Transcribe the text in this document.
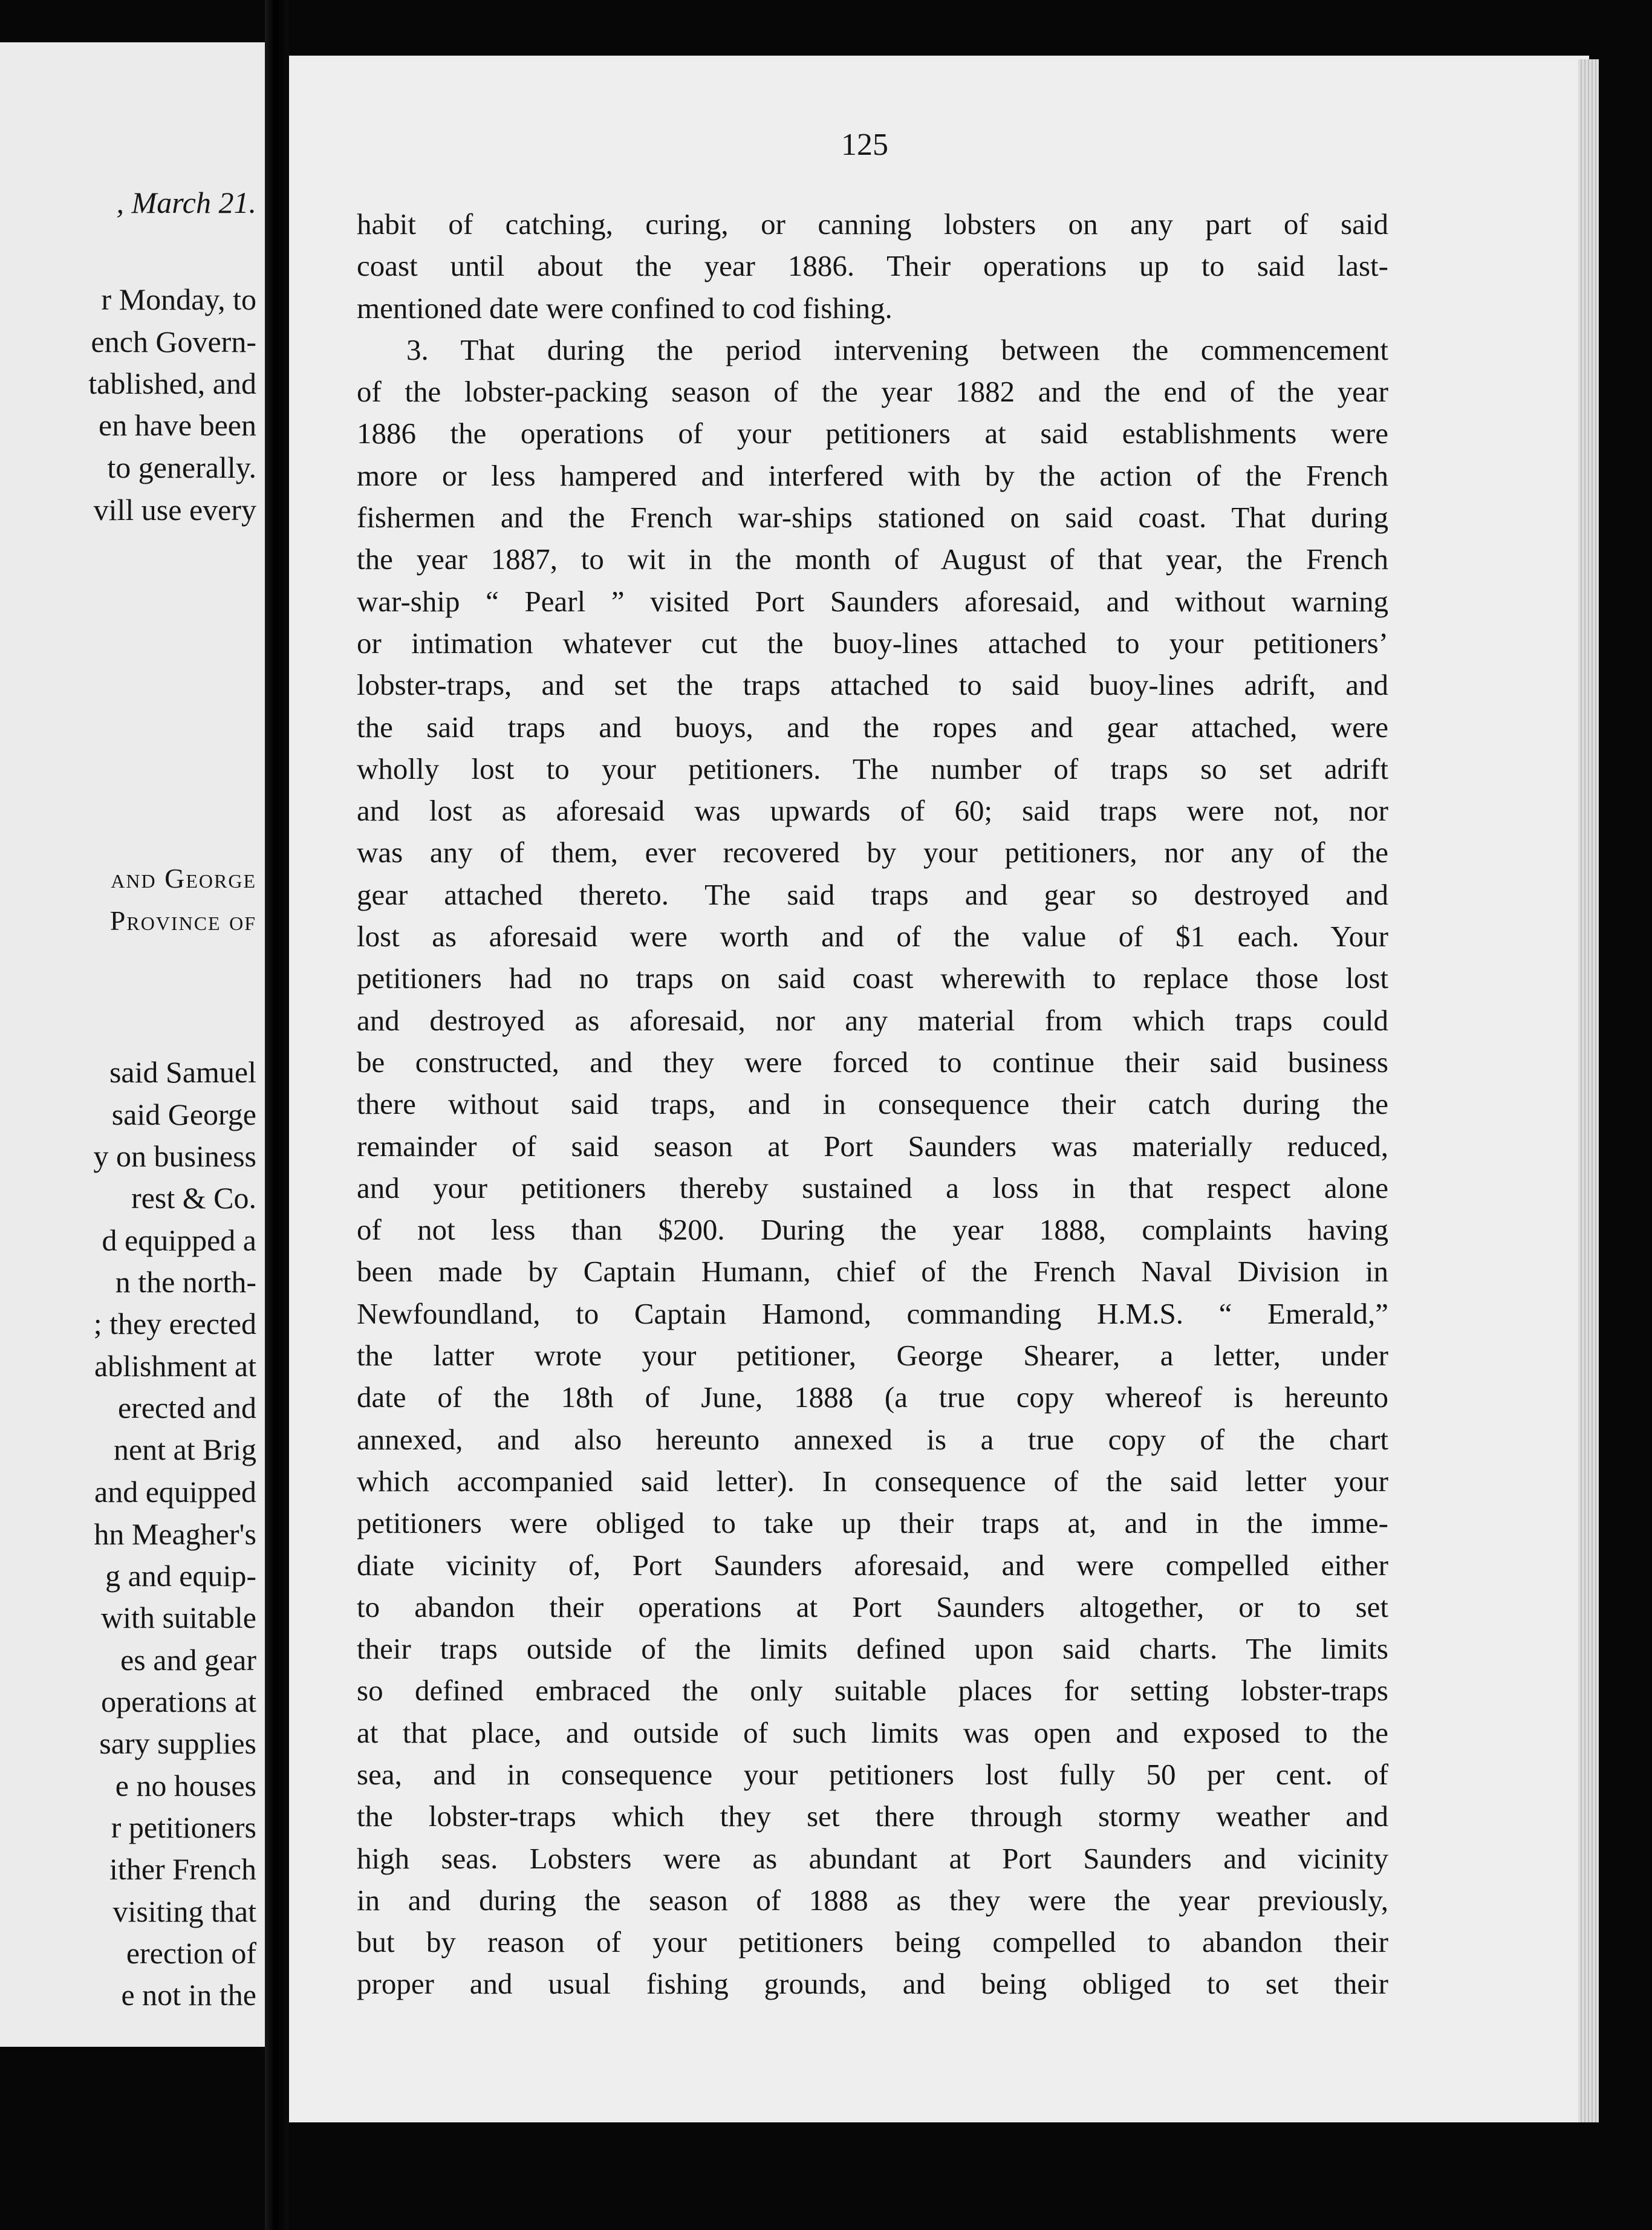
, March 21.
r Monday, to
ench Govern-
tablished, and
en have been
to generally.
vill use every
and George
Province of
said Samuel
said George
y on business
rest & Co.
d equipped a
n the north-
; they erected
ablishment at
erected and
nent at Brig
and equipped
hn Meagher's
g and equip-
with suitable
es and gear
operations at
sary supplies
e no houses
r petitioners
ither French
visiting that
erection of
e not in the
125
habit of catching, curing, or canning lobsters on any part of said
coast until about the year 1886. Their operations up to said last-
mentioned date were confined to cod fishing.
3. That during the period intervening between the commencement
of the lobster-packing season of the year 1882 and the end of the year
1886 the operations of your petitioners at said establishments were
more or less hampered and interfered with by the action of the French
fishermen and the French war-ships stationed on said coast. That during
the year 1887, to wit in the month of August of that year, the French
war-ship “ Pearl ” visited Port Saunders aforesaid, and without warning
or intimation whatever cut the buoy-lines attached to your petitioners’
lobster-traps, and set the traps attached to said buoy-lines adrift, and
the said traps and buoys, and the ropes and gear attached, were
wholly lost to your petitioners. The number of traps so set adrift
and lost as aforesaid was upwards of 60; said traps were not, nor
was any of them, ever recovered by your petitioners, nor any of the
gear attached thereto. The said traps and gear so destroyed and
lost as aforesaid were worth and of the value of $1 each. Your
petitioners had no traps on said coast wherewith to replace those lost
and destroyed as aforesaid, nor any material from which traps could
be constructed, and they were forced to continue their said business
there without said traps, and in consequence their catch during the
remainder of said season at Port Saunders was materially reduced,
and your petitioners thereby sustained a loss in that respect alone
of not less than $200. During the year 1888, complaints having
been made by Captain Humann, chief of the French Naval Division in
Newfoundland, to Captain Hamond, commanding H.M.S. “ Emerald,”
the latter wrote your petitioner, George Shearer, a letter, under
date of the 18th of June, 1888 (a true copy whereof is hereunto
annexed, and also hereunto annexed is a true copy of the chart
which accompanied said letter). In consequence of the said letter your
petitioners were obliged to take up their traps at, and in the imme-
diate vicinity of, Port Saunders aforesaid, and were compelled either
to abandon their operations at Port Saunders altogether, or to set
their traps outside of the limits defined upon said charts. The limits
so defined embraced the only suitable places for setting lobster-traps
at that place, and outside of such limits was open and exposed to the
sea, and in consequence your petitioners lost fully 50 per cent. of
the lobster-traps which they set there through stormy weather and
high seas. Lobsters were as abundant at Port Saunders and vicinity
in and during the season of 1888 as they were the year previously,
but by reason of your petitioners being compelled to abandon their
proper and usual fishing grounds, and being obliged to set their
